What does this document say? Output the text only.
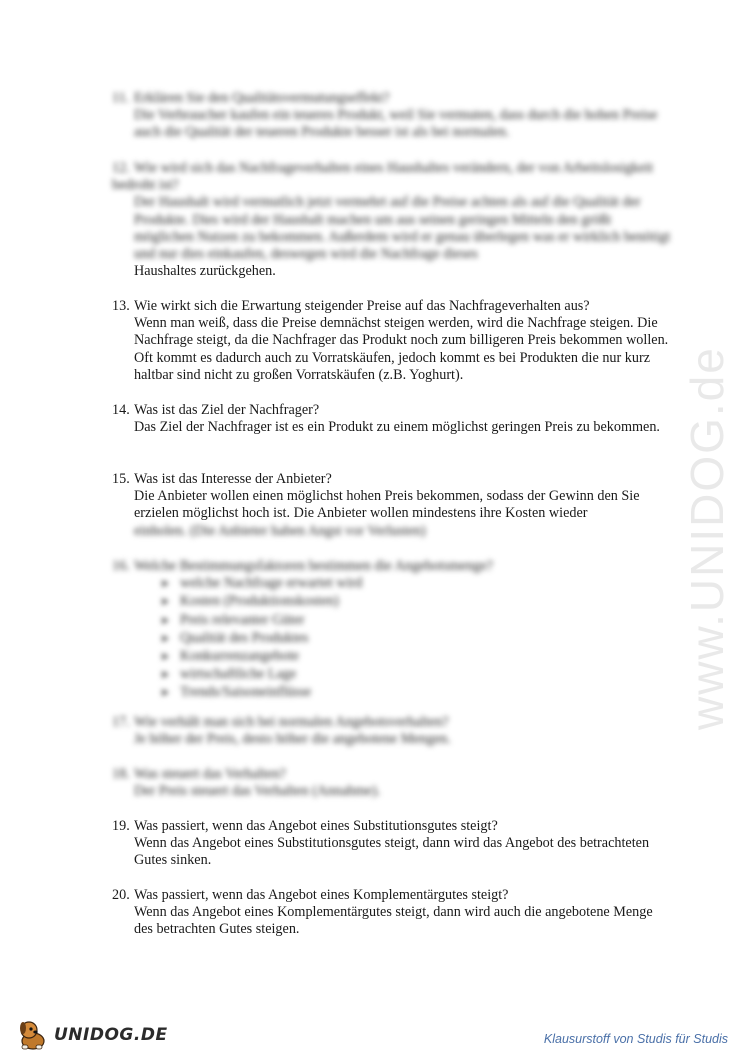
www.UNIDOG.de
11. Erklären Sie den Qualitätsvermutungseffekt?
Die Verbraucher kaufen ein teueres Produkt, weil Sie vermuten, dass durch die hohen Preise auch die Qualität der teueren Produkte besser ist als bei normalen.
12. Wie wird sich das Nachfrageverhalten eines Haushaltes verändern, der von Arbeitslosigkeit bedroht ist?
Der Haushalt wird vermutlich jetzt vermehrt auf die Preise achten als auf die Qualität der Produkte. Dies wird der Haushalt machen um aus seinen geringen Mitteln den größt möglichen Nutzen zu bekommen. Außerdem wird er genau überlegen was er wirklich benötigt und nur dies einkaufen, deswegen wird die Nachfrage dieses
Haushaltes zurückgehen.
13. Wie wirkt sich die Erwartung steigender Preise auf das Nachfrageverhalten aus?
Wenn man weiß, dass die Preise demnächst steigen werden, wird die Nachfrage steigen. Die Nachfrage steigt, da die Nachfrager das Produkt noch zum billigeren Preis bekommen wollen. Oft kommt es dadurch auch zu Vorratskäufen, jedoch kommt es bei Produkten die nur kurz haltbar sind nicht zu großen Vorratskäufen (z.B. Yoghurt).
14. Was ist das Ziel der Nachfrager?
Das Ziel der Nachfrager ist es ein Produkt zu einem möglichst geringen Preis zu bekommen.
15. Was ist das Interesse der Anbieter?
Die Anbieter wollen einen möglichst hohen Preis bekommen, sodass der Gewinn den Sie erzielen möglichst hoch ist. Die Anbieter wollen mindestens ihre Kosten wieder
einholen. (Die Anbieter haben Angst vor Verlusten)
16. Welche Bestimmungsfaktoren bestimmen die Angebotsmenge?
➤ welche Nachfrage erwartet wird
➤ Kosten (Produktionskosten)
➤ Preis relevanter Güter
➤ Qualität des Produktes
➤ Konkurrenzangebote
➤ wirtschaftliche Lage
➤ Trends/Saisoneinflüsse
17. Wie verhält man sich bei normalen Angebotsverhalten?
Je höher der Preis, desto höher die angebotene Mengen.
18. Was steuert das Verhalten?
Der Preis steuert das Verhalten (Annahme).
19. Was passiert, wenn das Angebot eines Substitutionsgutes steigt?
Wenn das Angebot eines Substitutionsgutes steigt, dann wird das Angebot des betrachteten Gutes sinken.
20. Was passiert, wenn das Angebot eines Komplementärgutes steigt?
Wenn das Angebot eines Komplementärgutes steigt, dann wird auch die angebotene Menge des betrachten Gutes steigen.
UNIDOG.DE	Klausurstoff von Studis für Studis
